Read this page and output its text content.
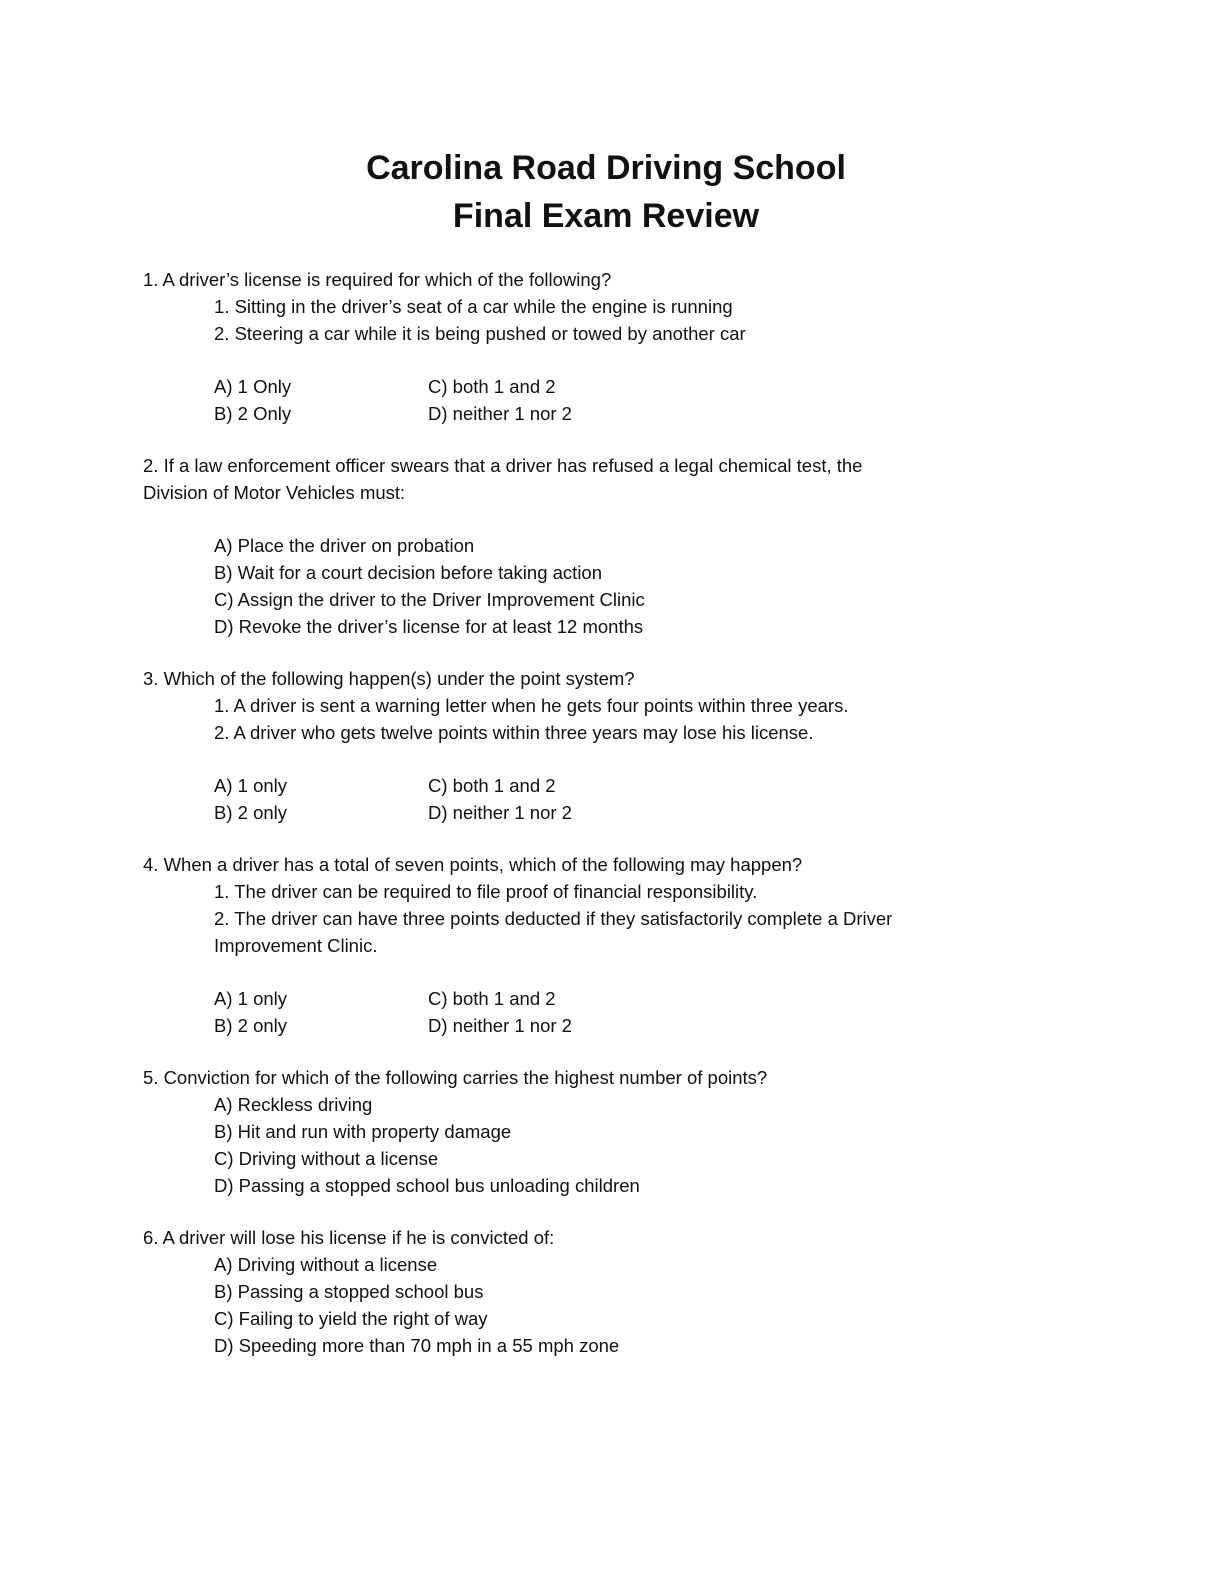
Carolina Road Driving School
Final Exam Review
1. A driver’s license is required for which of the following?
1. Sitting in the driver’s seat of a car while the engine is running
2. Steering a car while it is being pushed or towed by another car
A) 1 Only	C) both 1 and 2
B) 2 Only	D) neither 1 nor 2
2. If a law enforcement officer swears that a driver has refused a legal chemical test, the
Division of Motor Vehicles must:
A) Place the driver on probation
B) Wait for a court decision before taking action
C) Assign the driver to the Driver Improvement Clinic
D) Revoke the driver’s license for at least 12 months
3. Which of the following happen(s) under the point system?
1. A driver is sent a warning letter when he gets four points within three years.
2. A driver who gets twelve points within three years may lose his license.
A) 1 only	C) both 1 and 2
B) 2 only	D) neither 1 nor 2
4. When a driver has a total of seven points, which of the following may happen?
1. The driver can be required to file proof of financial responsibility.
2. The driver can have three points deducted if they satisfactorily complete a Driver
Improvement Clinic.
A) 1 only	C) both 1 and 2
B) 2 only	D) neither 1 nor 2
5. Conviction for which of the following carries the highest number of points?
A) Reckless driving
B) Hit and run with property damage
C) Driving without a license
D) Passing a stopped school bus unloading children
6. A driver will lose his license if he is convicted of:
A) Driving without a license
B) Passing a stopped school bus
C) Failing to yield the right of way
D) Speeding more than 70 mph in a 55 mph zone
